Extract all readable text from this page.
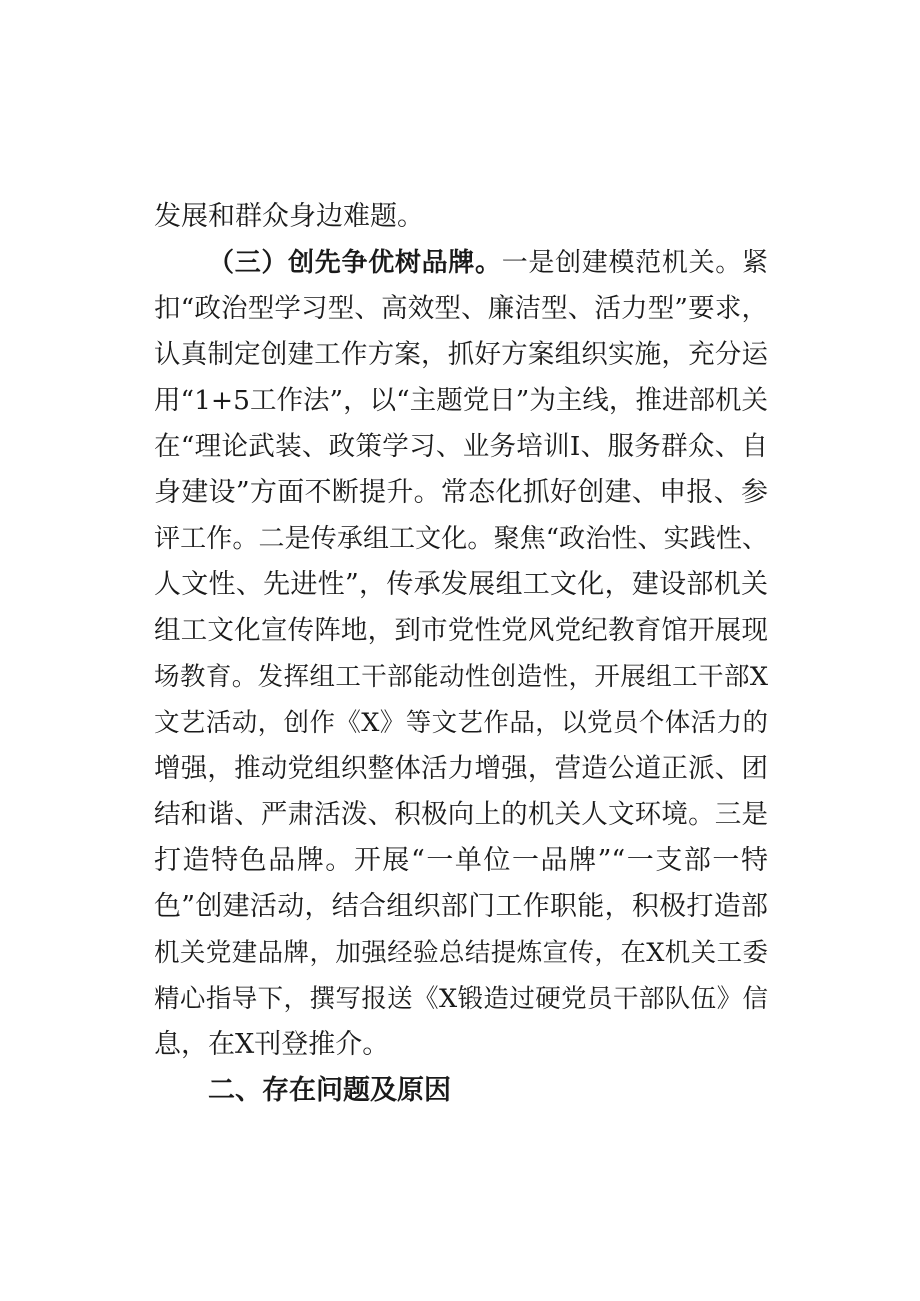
发展和群众身边难题。
（三）创先争优树品牌。一是创建模范机关。紧
扣“政治型学习型、高效型、廉洁型、活力型”要求，
认真制定创建工作方案，抓好方案组织实施，充分运
用“1+5工作法”，以“主题党日”为主线，推进部机关
在“理论武装、政策学习、业务培训I、服务群众、自
身建设”方面不断提升。常态化抓好创建、申报、参
评工作。二是传承组工文化。聚焦“政治性、实践性、
人文性、先进性”，传承发展组工文化，建设部机关
组工文化宣传阵地，到市党性党风党纪教育馆开展现
场教育。发挥组工干部能动性创造性，开展组工干部X
文艺活动，创作《X》等文艺作品，以党员个体活力的
增强，推动党组织整体活力增强，营造公道正派、团
结和谐、严肃活泼、积极向上的机关人文环境。三是
打造特色品牌。开展“一单位一品牌”“一支部一特
色”创建活动，结合组织部门工作职能，积极打造部
机关党建品牌，加强经验总结提炼宣传，在X机关工委
精心指导下，撰写报送《X锻造过硬党员干部队伍》信
息，在X刊登推介。
二、存在问题及原因
